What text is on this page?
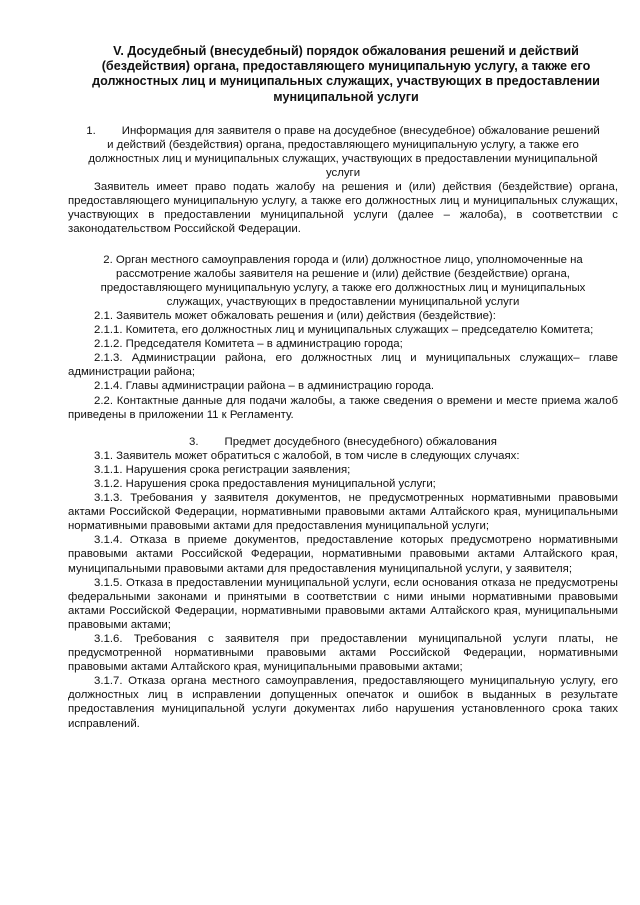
V. Досудебный (внесудебный) порядок обжалования решений и действий (бездействия) органа, предоставляющего муниципальную услугу, а также его должностных лиц и муниципальных служащих, участвующих в предоставлении муниципальной услуги

1. Информация для заявителя о праве на досудебное (внесудебное) обжалование решений и действий (бездействия) органа, предоставляющего муниципальную услугу, а также его должностных лиц и муниципальных служащих, участвующих в предоставлении муниципальной услуги

Заявитель имеет право подать жалобу на решения и (или) действия (бездействие) органа, предоставляющего муниципальную услугу, а также его должностных лиц и муниципальных служащих, участвующих в предоставлении муниципальной услуги (далее – жалоба), в соответствии с законодательством Российской Федерации.

2. Орган местного самоуправления города и (или) должностное лицо, уполномоченные на рассмотрение жалобы заявителя на решение и (или) действие (бездействие) органа, предоставляющего муниципальную услугу, а также его должностных лиц и муниципальных служащих, участвующих в предоставлении муниципальной услуги

2.1. Заявитель может обжаловать решения и (или) действия (бездействие):

2.1.1. Комитета, его должностных лиц и муниципальных служащих – председателю Комитета;

2.1.2. Председателя Комитета – в администрацию города;

2.1.3. Администрации района, его должностных лиц и муниципальных служащих– главе администрации района;

2.1.4. Главы администрации района – в администрацию города.

2.2. Контактные данные для подачи жалобы, а также сведения о времени и месте приема жалоб приведены в приложении 11 к Регламенту.

3. Предмет досудебного (внесудебного) обжалования

3.1. Заявитель может обратиться с жалобой, в том числе в следующих случаях:

3.1.1. Нарушения срока регистрации заявления;

3.1.2. Нарушения срока предоставления муниципальной услуги;

3.1.3. Требования у заявителя документов, не предусмотренных нормативными правовыми актами Российской Федерации, нормативными правовыми актами Алтайского края, муниципальными нормативными правовыми актами для предоставления муниципальной услуги;

3.1.4. Отказа в приеме документов, предоставление которых предусмотрено нормативными правовыми актами Российской Федерации, нормативными правовыми актами Алтайского края, муниципальными правовыми актами для предоставления муниципальной услуги, у заявителя;

3.1.5. Отказа в предоставлении муниципальной услуги, если основания отказа не предусмотрены федеральными законами и принятыми в соответствии с ними иными нормативными правовыми актами Российской Федерации, нормативными правовыми актами Алтайского края, муниципальными правовыми актами;

3.1.6. Требования с заявителя при предоставлении муниципальной услуги платы, не предусмотренной нормативными правовыми актами Российской Федерации, нормативными правовыми актами Алтайского края, муниципальными правовыми актами;

3.1.7. Отказа органа местного самоуправления, предоставляющего муниципальную услугу, его должностных лиц в исправлении допущенных опечаток и ошибок в выданных в результате предоставления муниципальной услуги документах либо нарушения установленного срока таких исправлений.
